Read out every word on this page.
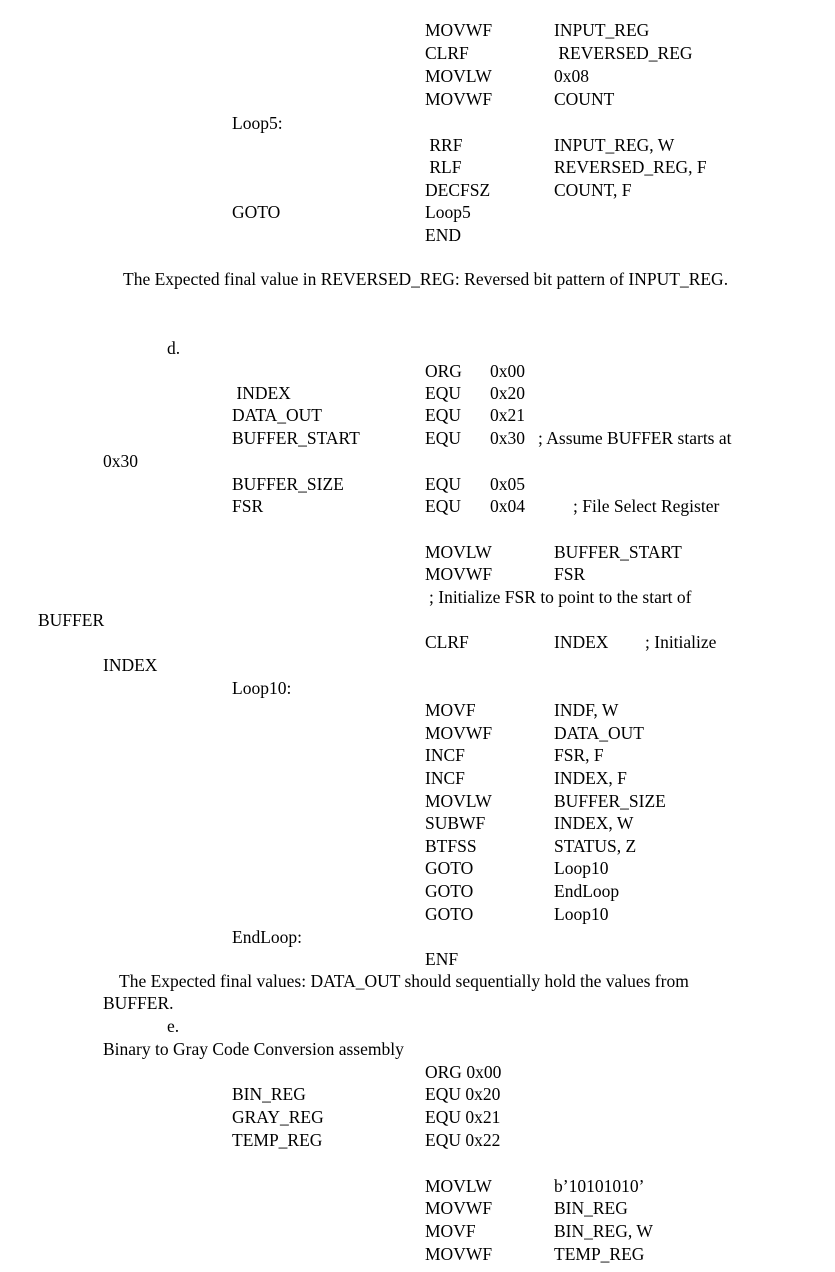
MOVWF	INPUT_REG
CLRF	REVERSED_REG
MOVLW	0x08
MOVWF	COUNT
Loop5:
RRF	INPUT_REG, W
RLF	REVERSED_REG, F
DECFSZ	COUNT, F
GOTO	Loop5
END

The Expected final value in REVERSED_REG: Reversed bit pattern of INPUT_REG.

d.
ORG 0x00
INDEX	EQU 0x20
DATA_OUT	EQU 0x21
BUFFER_START	EQU 0x30 ; Assume BUFFER starts at
0x30
BUFFER_SIZE	EQU 0x05
FSR	EQU 0x04	; File Select Register
MOVLW	BUFFER_START
MOVWF	FSR
; Initialize FSR to point to the start of
BUFFER
CLRF	INDEX ; Initialize
INDEX
Loop10:
MOVF	INDF, W
MOVWF	DATA_OUT
INCF	FSR, F
INCF	INDEX, F
MOVLW	BUFFER_SIZE
SUBWF	INDEX, W
BTFSS	STATUS, Z
GOTO	Loop10
GOTO	EndLoop
GOTO	Loop10
EndLoop:
ENF
The Expected final values: DATA_OUT should sequentially hold the values from
BUFFER.
e.
Binary to Gray Code Conversion assembly
ORG 0x00
BIN_REG	EQU 0x20
GRAY_REG	EQU 0x21
TEMP_REG	EQU 0x22
MOVLW	b’10101010’
MOVWF	BIN_REG
MOVF	BIN_REG, W
MOVWF	TEMP_REG
